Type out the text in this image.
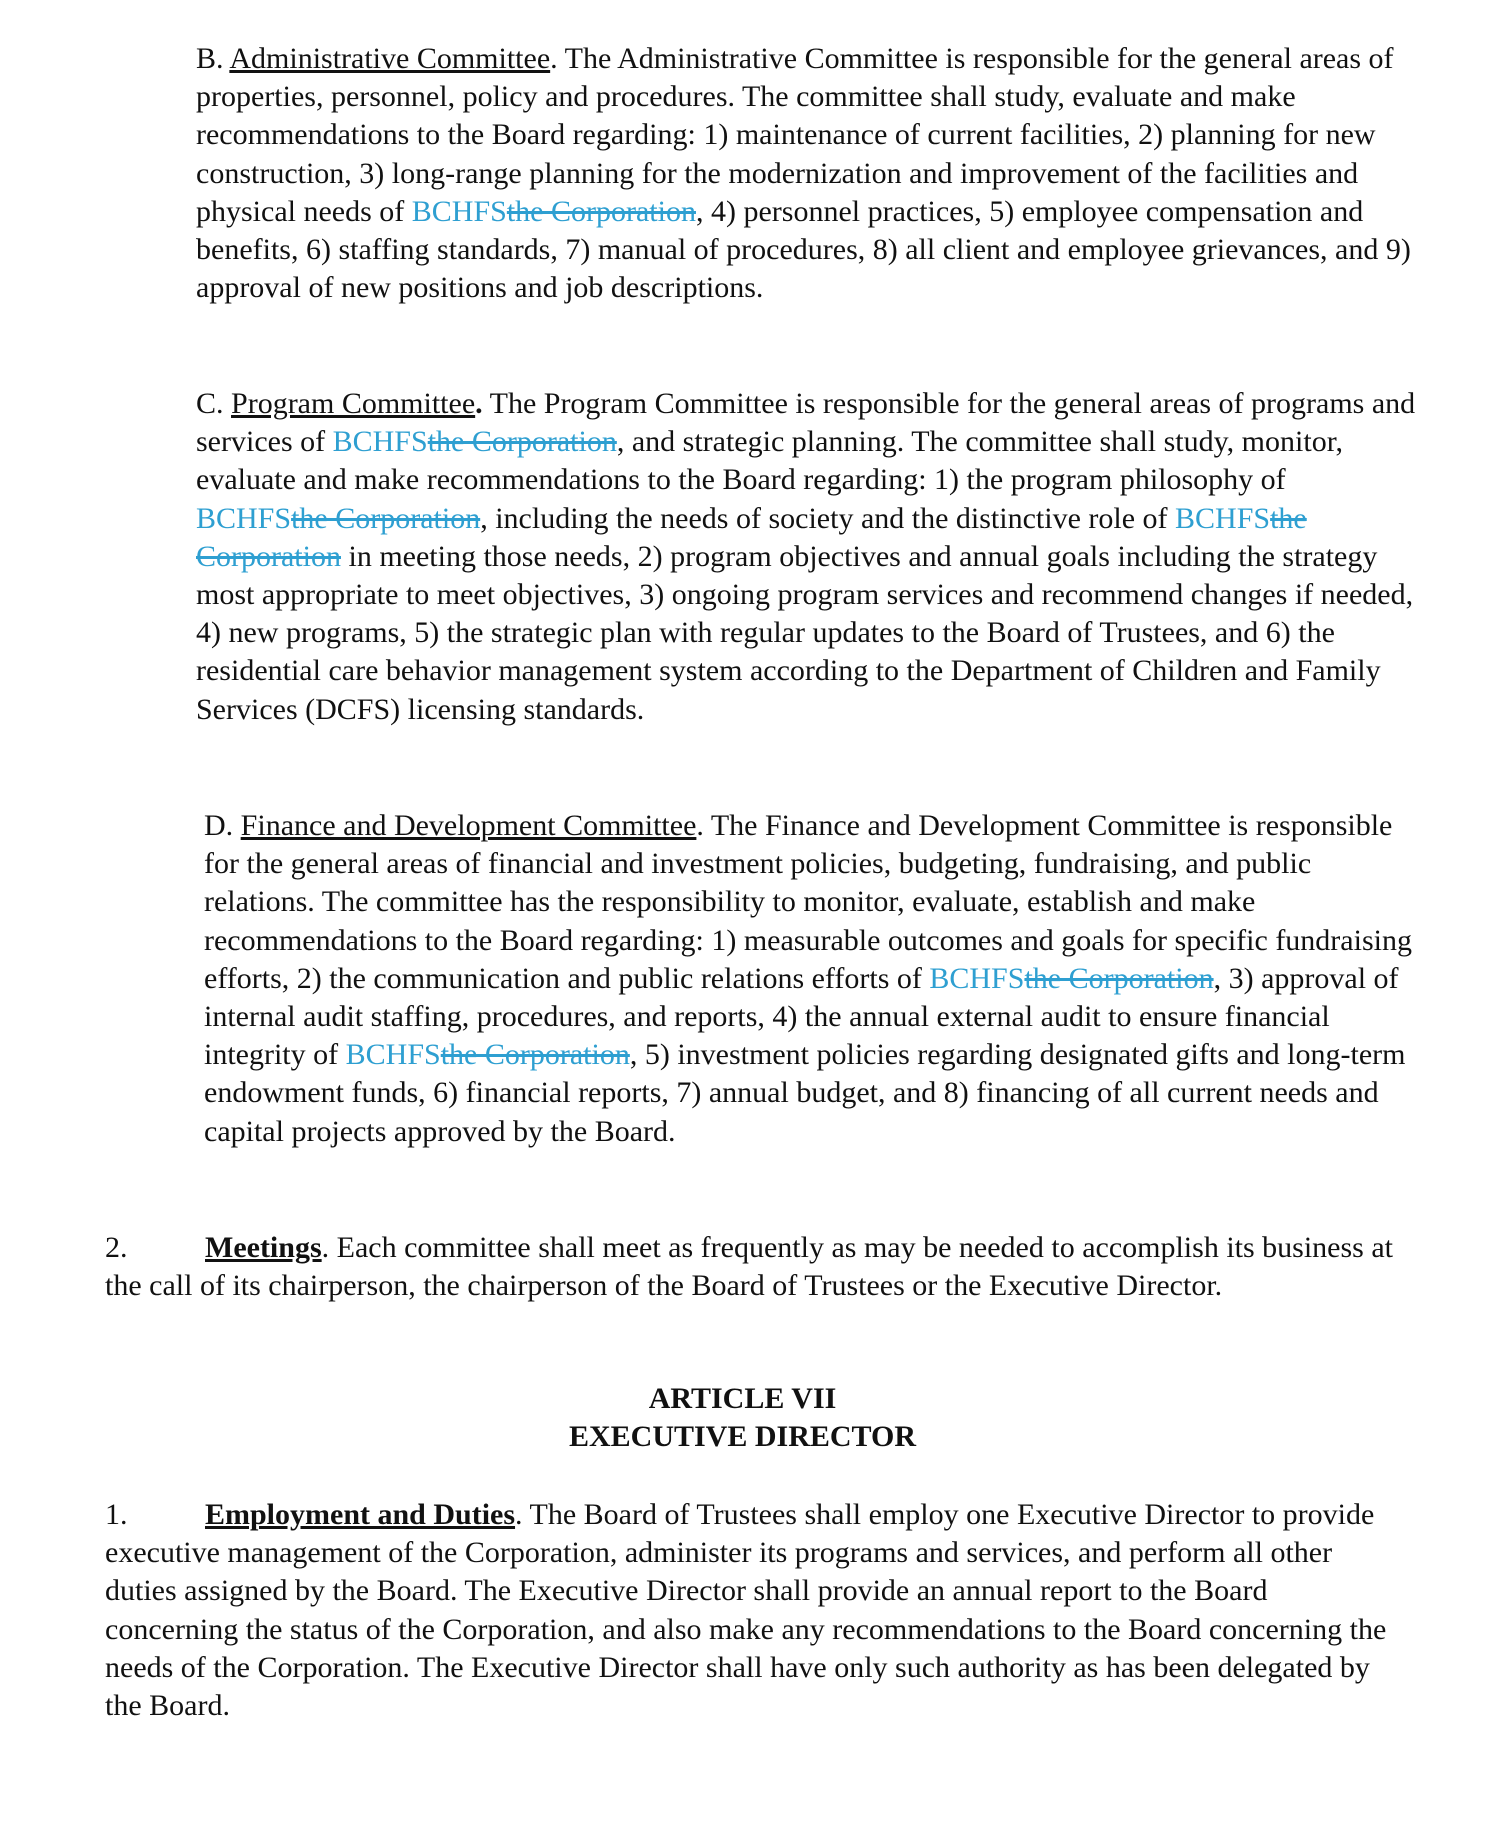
B. Administrative Committee. The Administrative Committee is responsible for the general areas of properties, personnel, policy and procedures. The committee shall study, evaluate and make recommendations to the Board regarding: 1) maintenance of current facilities, 2) planning for new construction, 3) long-range planning for the modernization and improvement of the facilities and physical needs of BCHFSthe Corporation, 4) personnel practices, 5) employee compensation and benefits, 6) staffing standards, 7) manual of procedures, 8) all client and employee grievances, and 9) approval of new positions and job descriptions.

C. Program Committee. The Program Committee is responsible for the general areas of programs and services of BCHFSthe Corporation, and strategic planning. The committee shall study, monitor, evaluate and make recommendations to the Board regarding: 1) the program philosophy of BCHFSthe Corporation, including the needs of society and the distinctive role of BCHFSthe Corporation in meeting those needs, 2) program objectives and annual goals including the strategy most appropriate to meet objectives, 3) ongoing program services and recommend changes if needed, 4) new programs, 5) the strategic plan with regular updates to the Board of Trustees, and 6) the residential care behavior management system according to the Department of Children and Family Services (DCFS) licensing standards.

D. Finance and Development Committee. The Finance and Development Committee is responsible for the general areas of financial and investment policies, budgeting, fundraising, and public relations. The committee has the responsibility to monitor, evaluate, establish and make recommendations to the Board regarding: 1) measurable outcomes and goals for specific fundraising efforts, 2) the communication and public relations efforts of BCHFSthe Corporation, 3) approval of internal audit staffing, procedures, and reports, 4) the annual external audit to ensure financial integrity of BCHFSthe Corporation, 5) investment policies regarding designated gifts and long-term endowment funds, 6) financial reports, 7) annual budget, and 8) financing of all current needs and capital projects approved by the Board.

2.	Meetings. Each committee shall meet as frequently as may be needed to accomplish its business at the call of its chairperson, the chairperson of the Board of Trustees or the Executive Director.

ARTICLE VII
EXECUTIVE DIRECTOR

1.	Employment and Duties. The Board of Trustees shall employ one Executive Director to provide executive management of the Corporation, administer its programs and services, and perform all other duties assigned by the Board. The Executive Director shall provide an annual report to the Board concerning the status of the Corporation, and also make any recommendations to the Board concerning the needs of the Corporation. The Executive Director shall have only such authority as has been delegated by the Board.
